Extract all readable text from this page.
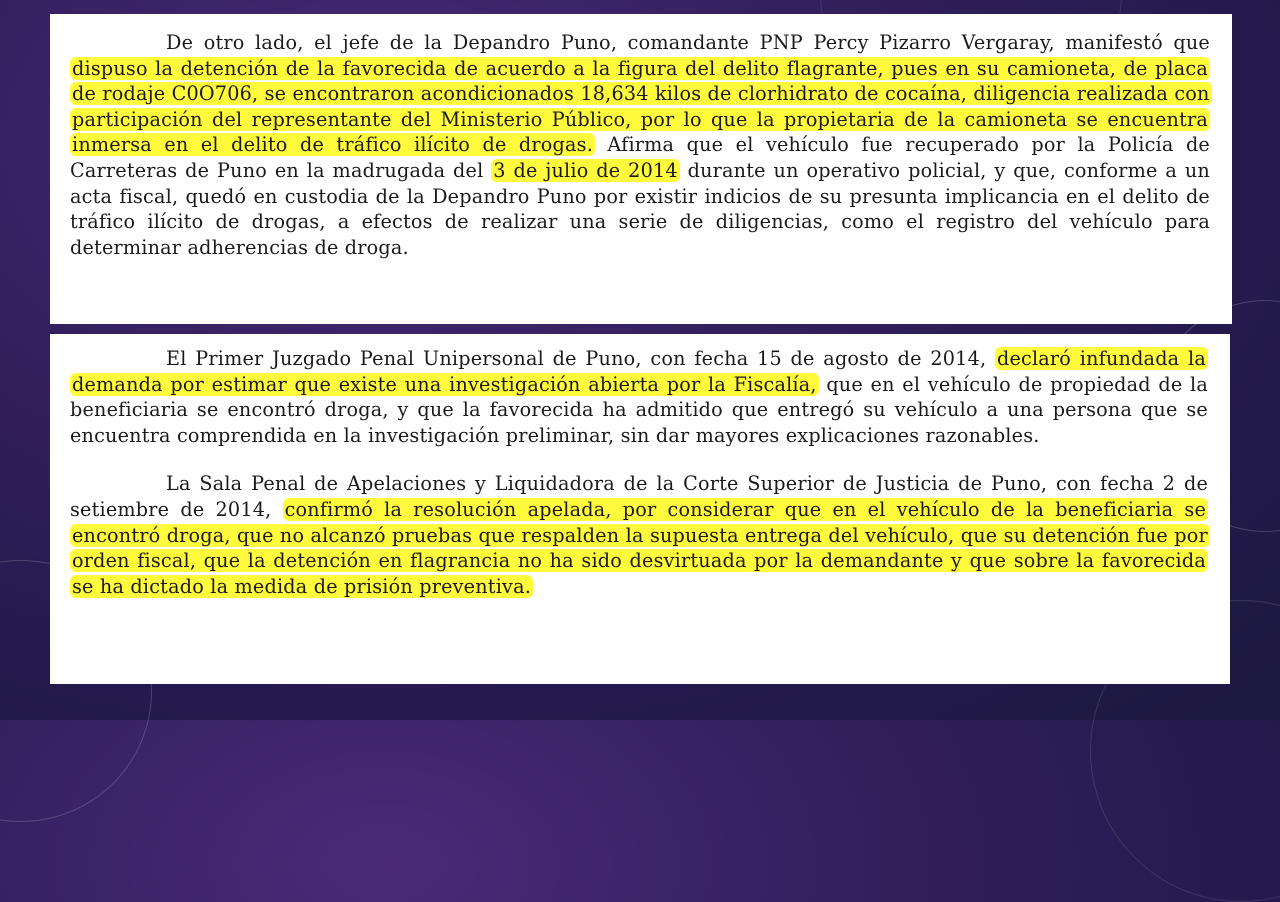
De otro lado, el jefe de la Depandro Puno, comandante PNP Percy Pizarro Vergaray, manifestó que dispuso la detención de la favorecida de acuerdo a la figura del delito flagrante, pues en su camioneta, de placa de rodaje C0O706, se encontraron acondicionados 18,634 kilos de clorhidrato de cocaína, diligencia realizada con participación del representante del Ministerio Público, por lo que la propietaria de la camioneta se encuentra inmersa en el delito de tráfico ilícito de drogas. Afirma que el vehículo fue recuperado por la Policía de Carreteras de Puno en la madrugada del 3 de julio de 2014 durante un operativo policial, y que, conforme a un acta fiscal, quedó en custodia de la Depandro Puno por existir indicios de su presunta implicancia en el delito de tráfico ilícito de drogas, a efectos de realizar una serie de diligencias, como el registro del vehículo para determinar adherencias de droga.

El Primer Juzgado Penal Unipersonal de Puno, con fecha 15 de agosto de 2014, declaró infundada la demanda por estimar que existe una investigación abierta por la Fiscalía, que en el vehículo de propiedad de la beneficiaria se encontró droga, y que la favorecida ha admitido que entregó su vehículo a una persona que se encuentra comprendida en la investigación preliminar, sin dar mayores explicaciones razonables.

La Sala Penal de Apelaciones y Liquidadora de la Corte Superior de Justicia de Puno, con fecha 2 de setiembre de 2014, confirmó la resolución apelada, por considerar que en el vehículo de la beneficiaria se encontró droga, que no alcanzó pruebas que respalden la supuesta entrega del vehículo, que su detención fue por orden fiscal, que la detención en flagrancia no ha sido desvirtuada por la demandante y que sobre la favorecida se ha dictado la medida de prisión preventiva.
